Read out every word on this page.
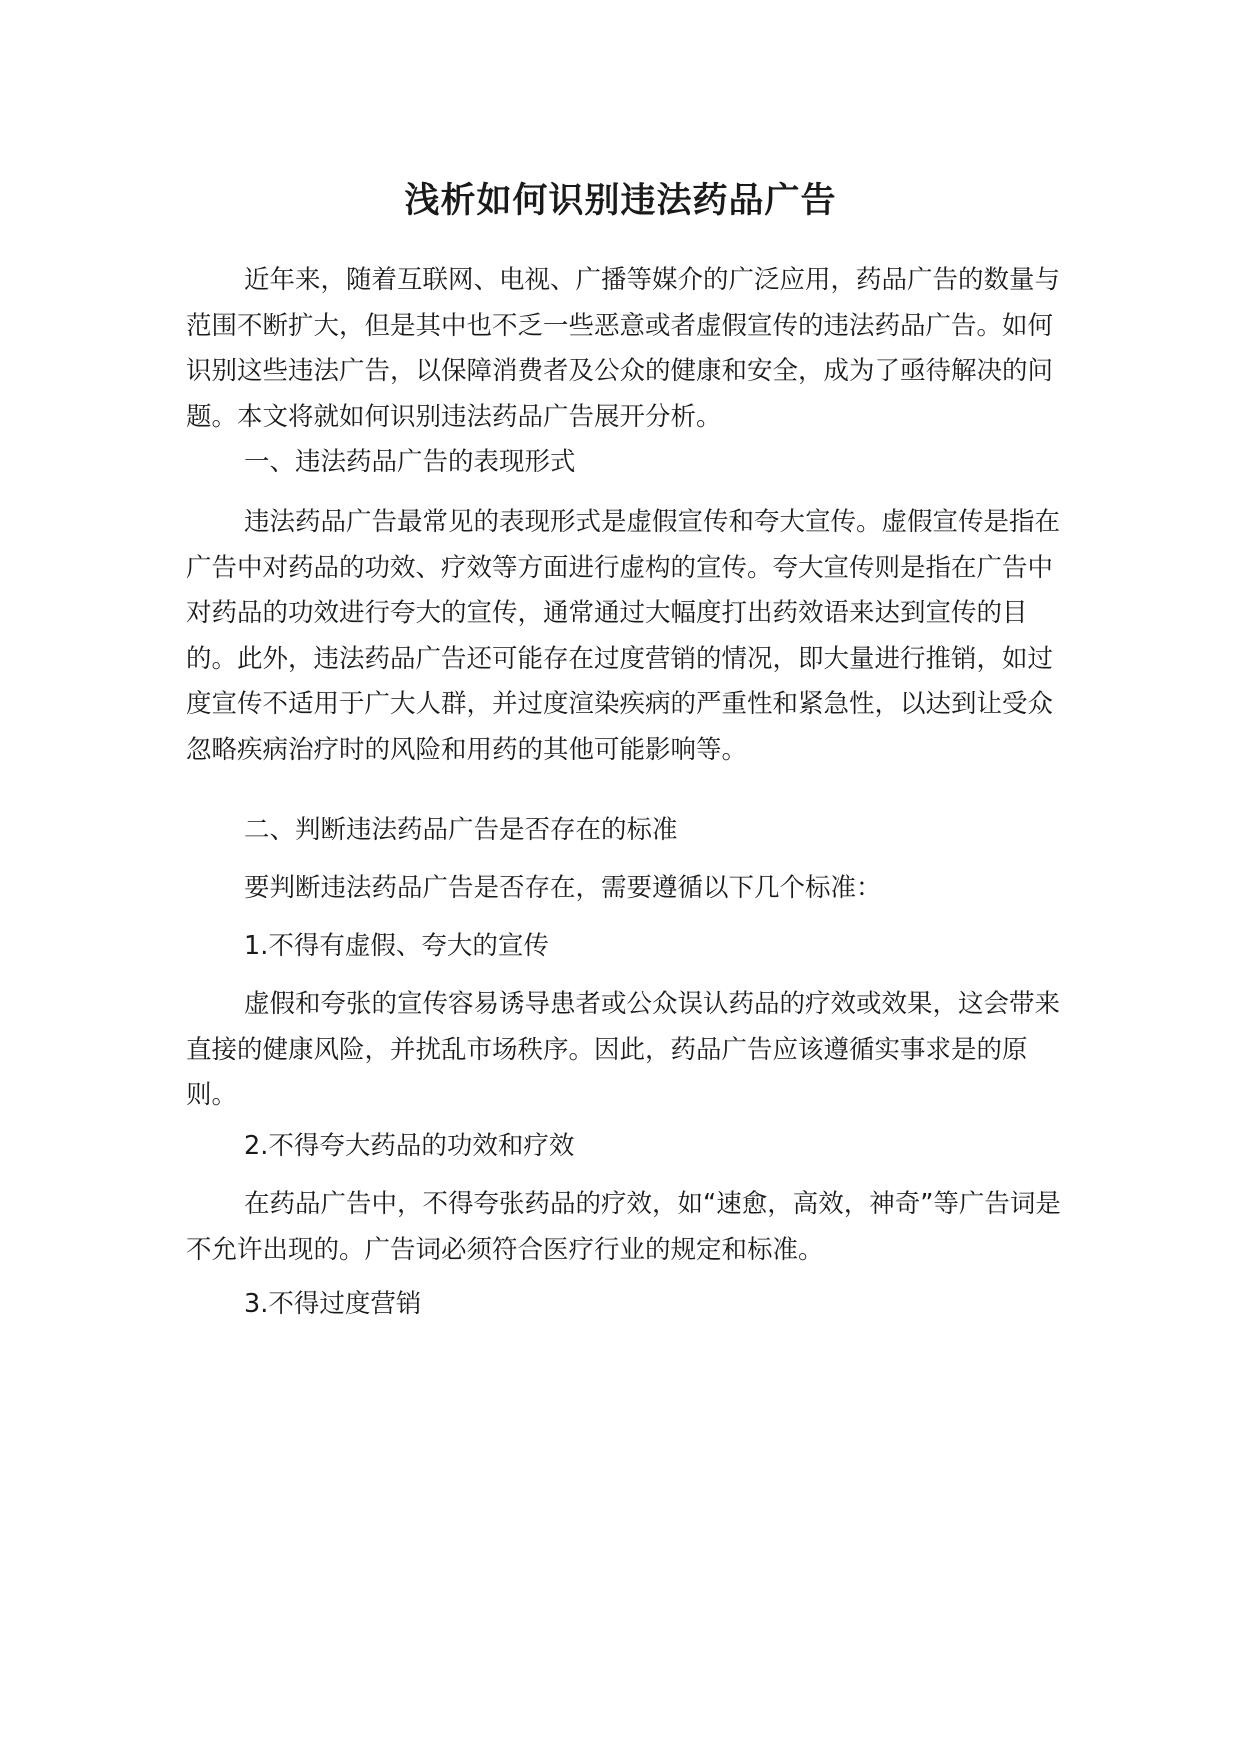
浅析如何识别违法药品广告

近年来，随着互联网、电视、广播等媒介的广泛应用，药品广告的数量与范围不断扩大，但是其中也不乏一些恶意或者虚假宣传的违法药品广告。如何识别这些违法广告，以保障消费者及公众的健康和安全，成为了亟待解决的问题。本文将就如何识别违法药品广告展开分析。

一、违法药品广告的表现形式

违法药品广告最常见的表现形式是虚假宣传和夸大宣传。虚假宣传是指在广告中对药品的功效、疗效等方面进行虚构的宣传。夸大宣传则是指在广告中对药品的功效进行夸大的宣传，通常通过大幅度打出药效语来达到宣传的目的。此外，违法药品广告还可能存在过度营销的情况，即大量进行推销，如过度宣传不适用于广大人群，并过度渲染疾病的严重性和紧急性，以达到让受众忽略疾病治疗时的风险和用药的其他可能影响等。

二、判断违法药品广告是否存在的标准

要判断违法药品广告是否存在，需要遵循以下几个标准：

1.不得有虚假、夸大的宣传

虚假和夸张的宣传容易诱导患者或公众误认药品的疗效或效果，这会带来直接的健康风险，并扰乱市场秩序。因此，药品广告应该遵循实事求是的原则。

2.不得夸大药品的功效和疗效

在药品广告中，不得夸张药品的疗效，如“速愈，高效，神奇”等广告词是不允许出现的。广告词必须符合医疗行业的规定和标准。

3.不得过度营销
